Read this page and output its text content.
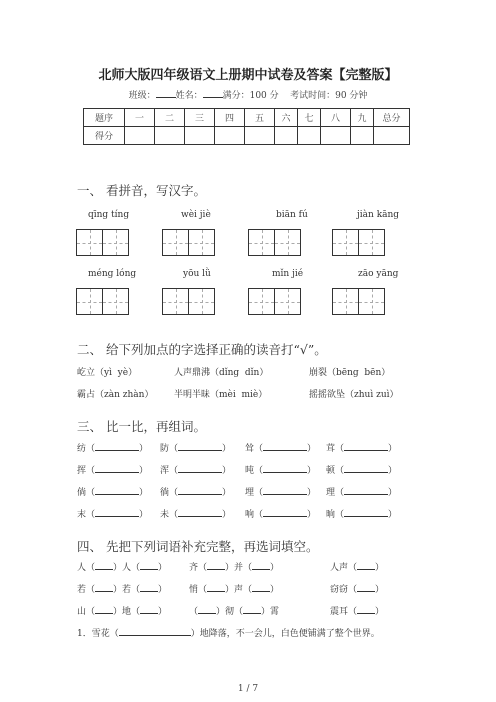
北师大版四年级语文上册期中试卷及答案【完整版】
班级： 姓名： 满分：100 分 考试时间：90 分钟
题序	一	二	三	四	五	六	七	八	九	总分
得分										
一、 看拼音，写汉字。
qīng tíng	wèi jiè	biān fú	jiàn kāng
méng lóng	yōu lǜ	mǐn jié	zāo yāng
二、 给下列加点的字选择正确的读音打“√”。
屹立（yì  yè）	人声鼎沸（dǐng  dǐn）	崩裂（bēng  bēn）
霸占（zàn zhàn） 半明半昧（mèi  miè）	摇摇欲坠（zhuì zuì）
三、 比一比，再组词。
纺（	） 防（	） 耸（	） 茸（	）
挥（	） 浑（	） 吨（	） 顿（	）
倘（	） 徜（	） 埋（	） 理（	）
末（	） 未（	） 响（	） 晌（	）
四、 先把下列词语补充完整，再选词填空。
人（ ）人（ ） 齐（ ）并（ ）	人声（ ）
若（ ）若（ ） 悄（ ）声（ ）	窃窃（ ）
山（ ）地（ ） （ ）彻（ ）霄	震耳（ ）
1．雪花（	）地降落，不一会儿，白色便铺满了整个世界。
1 / 7
